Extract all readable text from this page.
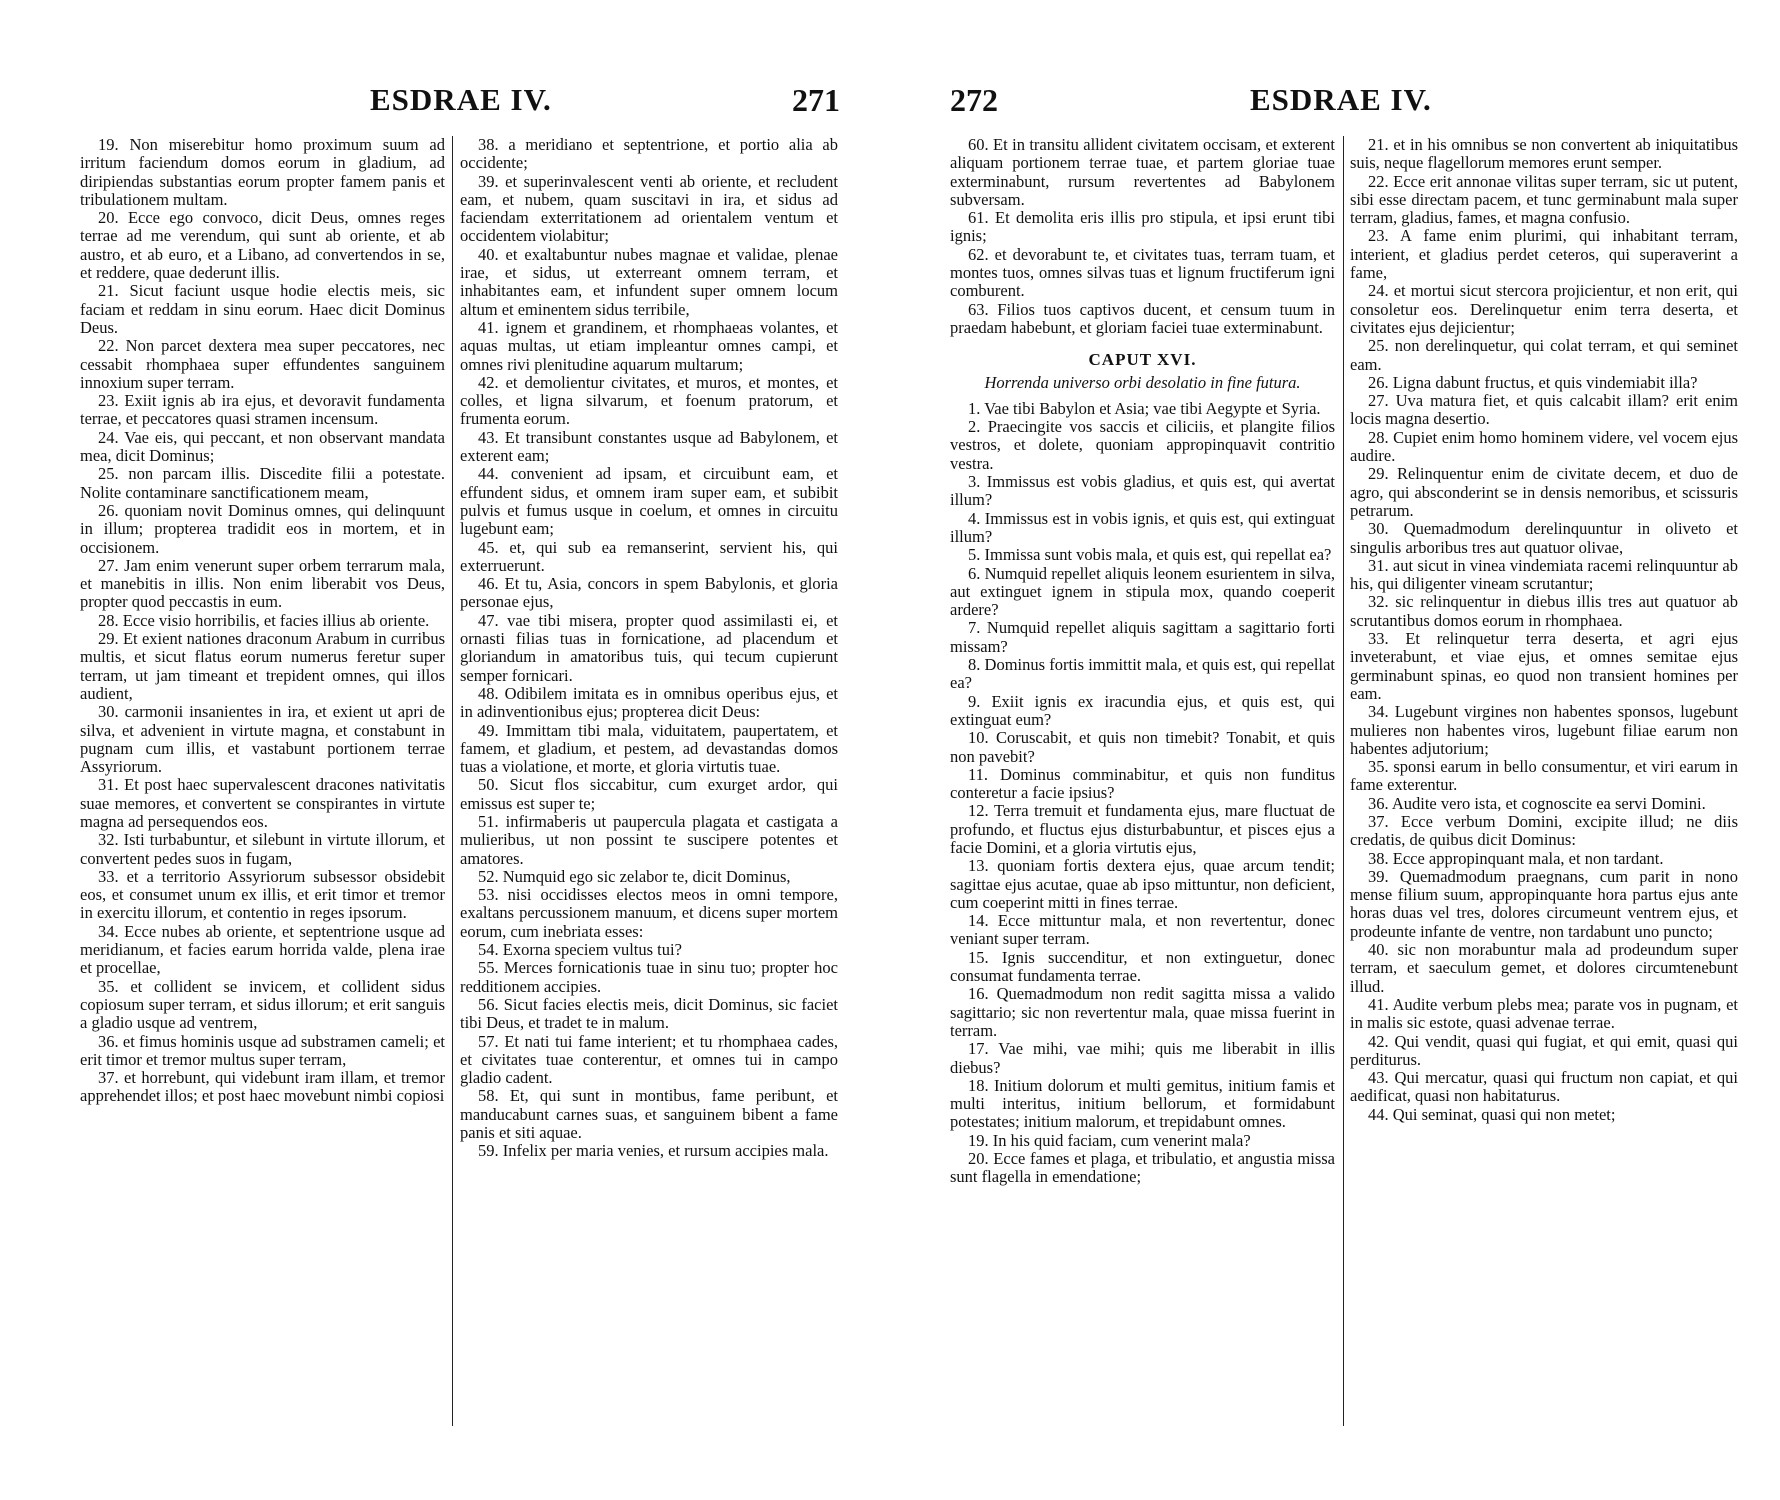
ESDRAE IV.	271

19. Non miserebitur homo proximum suum ad irritum faciendum domos eorum in gladium, ad diripiendas substantias eorum propter famem panis et tribulationem multam.

20. Ecce ego convoco, dicit Deus, omnes reges terrae ad me verendum, qui sunt ab oriente, et ab austro, et ab euro, et a Libano, ad convertendos in se, et reddere, quae dederunt illis.

21. Sicut faciunt usque hodie electis meis, sic faciam et reddam in sinu eorum. Haec dicit Dominus Deus.

22. Non parcet dextera mea super peccatores, nec cessabit rhomphaea super effundentes sanguinem innoxium super terram.

23. Exiit ignis ab ira ejus, et devoravit fundamenta terrae, et peccatores quasi stramen incensum.

24. Vae eis, qui peccant, et non observant mandata mea, dicit Dominus;

25. non parcam illis. Discedite filii a potestate. Nolite contaminare sanctificationem meam,

26. quoniam novit Dominus omnes, qui delinquunt in illum; propterea tradidit eos in mortem, et in occisionem.

27. Jam enim venerunt super orbem terrarum mala, et manebitis in illis. Non enim liberabit vos Deus, propter quod peccastis in eum.

28. Ecce visio horribilis, et facies illius ab oriente.

29. Et exient nationes draconum Arabum in curribus multis, et sicut flatus eorum numerus feretur super terram, ut jam timeant et trepident omnes, qui illos audient,

30. carmonii insanientes in ira, et exient ut apri de silva, et advenient in virtute magna, et constabunt in pugnam cum illis, et vastabunt portionem terrae Assyriorum.

31. Et post haec supervalescent dracones nativitatis suae memores, et convertent se conspirantes in virtute magna ad persequendos eos.

32. Isti turbabuntur, et silebunt in virtute illorum, et convertent pedes suos in fugam,

33. et a territorio Assyriorum subsessor obsidebit eos, et consumet unum ex illis, et erit timor et tremor in exercitu illorum, et contentio in reges ipsorum.

34. Ecce nubes ab oriente, et septentrione usque ad meridianum, et facies earum horrida valde, plena irae et procellae,

35. et collident se invicem, et collident sidus copiosum super terram, et sidus illorum; et erit sanguis a gladio usque ad ventrem,

36. et fimus hominis usque ad substramen cameli; et erit timor et tremor multus super terram,

37. et horrebunt, qui videbunt iram illam, et tremor apprehendet illos; et post haec movebunt nimbi copiosi

38. a meridiano et septentrione, et portio alia ab occidente;

39. et superinvalescent venti ab oriente, et recludent eam, et nubem, quam suscitavi in ira, et sidus ad faciendam exterritationem ad orientalem ventum et occidentem violabitur;

40. et exaltabuntur nubes magnae et validae, plenae irae, et sidus, ut exterreant omnem terram, et inhabitantes eam, et infundent super omnem locum altum et eminentem sidus terribile,

41. ignem et grandinem, et rhomphaeas volantes, et aquas multas, ut etiam impleantur omnes campi, et omnes rivi plenitudine aquarum multarum;

42. et demolientur civitates, et muros, et montes, et colles, et ligna silvarum, et foenum pratorum, et frumenta eorum.

43. Et transibunt constantes usque ad Babylonem, et exterent eam;

44. convenient ad ipsam, et circuibunt eam, et effundent sidus, et omnem iram super eam, et subibit pulvis et fumus usque in coelum, et omnes in circuitu lugebunt eam;

45. et, qui sub ea remanserint, servient his, qui exterruerunt.

46. Et tu, Asia, concors in spem Babylonis, et gloria personae ejus,

47. vae tibi misera, propter quod assimilasti ei, et ornasti filias tuas in fornicatione, ad placendum et gloriandum in amatoribus tuis, qui tecum cupierunt semper fornicari.

48. Odibilem imitata es in omnibus operibus ejus, et in adinventionibus ejus; propterea dicit Deus:

49. Immittam tibi mala, viduitatem, paupertatem, et famem, et gladium, et pestem, ad devastandas domos tuas a violatione, et morte, et gloria virtutis tuae.

50. Sicut flos siccabitur, cum exurget ardor, qui emissus est super te;

51. infirmaberis ut paupercula plagata et castigata a mulieribus, ut non possint te suscipere potentes et amatores.

52. Numquid ego sic zelabor te, dicit Dominus,

53. nisi occidisses electos meos in omni tempore, exaltans percussionem manuum, et dicens super mortem eorum, cum inebriata esses:

54. Exorna speciem vultus tui?

55. Merces fornicationis tuae in sinu tuo; propter hoc redditionem accipies.

56. Sicut facies electis meis, dicit Dominus, sic faciet tibi Deus, et tradet te in malum.

57. Et nati tui fame interient; et tu rhomphaea cades, et civitates tuae conterentur, et omnes tui in campo gladio cadent.

58. Et, qui sunt in montibus, fame peribunt, et manducabunt carnes suas, et sanguinem bibent a fame panis et siti aquae.

59. Infelix per maria venies, et rursum accipies mala.

272	ESDRAE IV.

60. Et in transitu allident civitatem occisam, et exterent aliquam portionem terrae tuae, et partem gloriae tuae exterminabunt, rursum revertentes ad Babylonem subversam.

61. Et demolita eris illis pro stipula, et ipsi erunt tibi ignis;

62. et devorabunt te, et civitates tuas, terram tuam, et montes tuos, omnes silvas tuas et lignum fructiferum igni comburent.

63. Filios tuos captivos ducent, et censum tuum in praedam habebunt, et gloriam faciei tuae exterminabunt.

CAPUT XVI.
Horrenda universo orbi desolatio in fine futura.

1. Vae tibi Babylon et Asia; vae tibi Aegypte et Syria.

2. Praecingite vos saccis et ciliciis, et plangite filios vestros, et dolete, quoniam appropinquavit contritio vestra.

3. Immissus est vobis gladius, et quis est, qui avertat illum?

4. Immissus est in vobis ignis, et quis est, qui extinguat illum?

5. Immissa sunt vobis mala, et quis est, qui repellat ea?

6. Numquid repellet aliquis leonem esurientem in silva, aut extinguet ignem in stipula mox, quando coeperit ardere?

7. Numquid repellet aliquis sagittam a sagittario forti missam?

8. Dominus fortis immittit mala, et quis est, qui repellat ea?

9. Exiit ignis ex iracundia ejus, et quis est, qui extinguat eum?

10. Coruscabit, et quis non timebit? Tonabit, et quis non pavebit?

11. Dominus comminabitur, et quis non funditus conteretur a facie ipsius?

12. Terra tremuit et fundamenta ejus, mare fluctuat de profundo, et fluctus ejus disturbabuntur, et pisces ejus a facie Domini, et a gloria virtutis ejus,

13. quoniam fortis dextera ejus, quae arcum tendit; sagittae ejus acutae, quae ab ipso mittuntur, non deficient, cum coeperint mitti in fines terrae.

14. Ecce mittuntur mala, et non revertentur, donec veniant super terram.

15. Ignis succenditur, et non extinguetur, donec consumat fundamenta terrae.

16. Quemadmodum non redit sagitta missa a valido sagittario; sic non revertentur mala, quae missa fuerint in terram.

17. Vae mihi, vae mihi; quis me liberabit in illis diebus?

18. Initium dolorum et multi gemitus, initium famis et multi interitus, initium bellorum, et formidabunt potestates; initium malorum, et trepidabunt omnes.

19. In his quid faciam, cum venerint mala?

20. Ecce fames et plaga, et tribulatio, et angustia missa sunt flagella in emendatione;

21. et in his omnibus se non convertent ab iniquitatibus suis, neque flagellorum memores erunt semper.

22. Ecce erit annonae vilitas super terram, sic ut putent, sibi esse directam pacem, et tunc germinabunt mala super terram, gladius, fames, et magna confusio.

23. A fame enim plurimi, qui inhabitant terram, interient, et gladius perdet ceteros, qui superaverint a fame,

24. et mortui sicut stercora projicientur, et non erit, qui consoletur eos. Derelinquetur enim terra deserta, et civitates ejus dejicientur;

25. non derelinquetur, qui colat terram, et qui seminet eam.

26. Ligna dabunt fructus, et quis vindemiabit illa?

27. Uva matura fiet, et quis calcabit illam? erit enim locis magna desertio.

28. Cupiet enim homo hominem videre, vel vocem ejus audire.

29. Relinquentur enim de civitate decem, et duo de agro, qui absconderint se in densis nemoribus, et scissuris petrarum.

30. Quemadmodum derelinquuntur in oliveto et singulis arboribus tres aut quatuor olivae,

31. aut sicut in vinea vindemiata racemi relinquuntur ab his, qui diligenter vineam scrutantur;

32. sic relinquentur in diebus illis tres aut quatuor ab scrutantibus domos eorum in rhomphaea.

33. Et relinquetur terra deserta, et agri ejus inveterabunt, et viae ejus, et omnes semitae ejus germinabunt spinas, eo quod non transient homines per eam.

34. Lugebunt virgines non habentes sponsos, lugebunt mulieres non habentes viros, lugebunt filiae earum non habentes adjutorium;

35. sponsi earum in bello consumentur, et viri earum in fame exterentur.

36. Audite vero ista, et cognoscite ea servi Domini.

37. Ecce verbum Domini, excipite illud; ne diis credatis, de quibus dicit Dominus:

38. Ecce appropinquant mala, et non tardant.

39. Quemadmodum praegnans, cum parit in nono mense filium suum, appropinquante hora partus ejus ante horas duas vel tres, dolores circumeunt ventrem ejus, et prodeunte infante de ventre, non tardabunt uno puncto;

40. sic non morabuntur mala ad prodeundum super terram, et saeculum gemet, et dolores circumtenebunt illud.

41. Audite verbum plebs mea; parate vos in pugnam, et in malis sic estote, quasi advenae terrae.

42. Qui vendit, quasi qui fugiat, et qui emit, quasi qui perditurus.

43. Qui mercatur, quasi qui fructum non capiat, et qui aedificat, quasi non habitaturus.

44. Qui seminat, quasi qui non metet;
